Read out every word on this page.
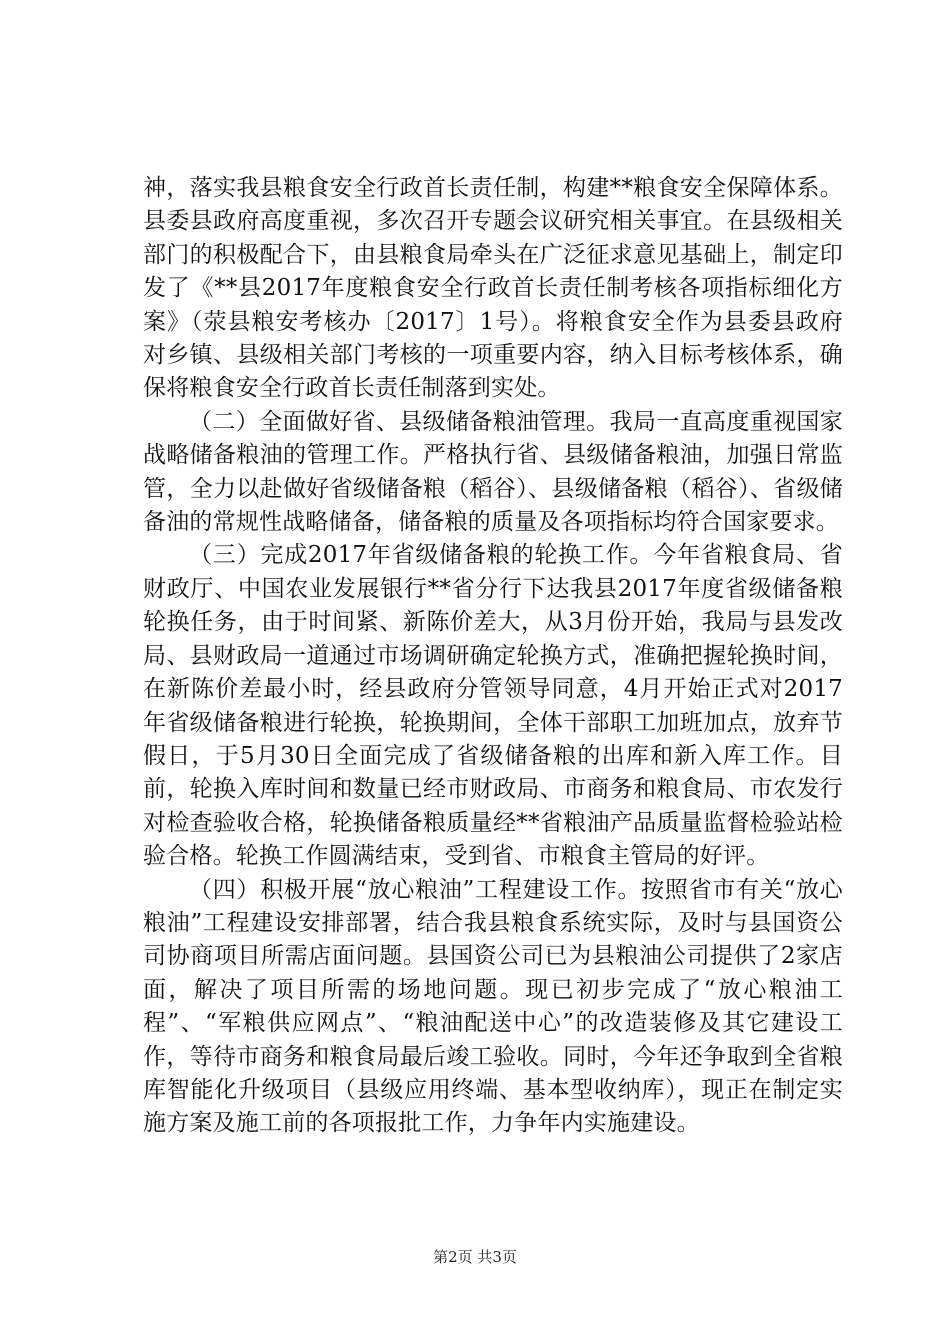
神，落实我县粮食安全行政首长责任制，构建**粮食安全保障体系。县委县政府高度重视，多次召开专题会议研究相关事宜。在县级相关部门的积极配合下，由县粮食局牵头在广泛征求意见基础上，制定印发了《**县2017年度粮食安全行政首长责任制考核各项指标细化方案》（荥县粮安考核办〔2017〕1号）。将粮食安全作为县委县政府对乡镇、县级相关部门考核的一项重要内容，纳入目标考核体系，确保将粮食安全行政首长责任制落到实处。

（二）全面做好省、县级储备粮油管理。我局一直高度重视国家战略储备粮油的管理工作。严格执行省、县级储备粮油，加强日常监管，全力以赴做好省级储备粮（稻谷）、县级储备粮（稻谷）、省级储备油的常规性战略储备，储备粮的质量及各项指标均符合国家要求。

（三）完成2017年省级储备粮的轮换工作。今年省粮食局、省财政厅、中国农业发展银行**省分行下达我县2017年度省级储备粮轮换任务，由于时间紧、新陈价差大，从3月份开始，我局与县发改局、县财政局一道通过市场调研确定轮换方式，准确把握轮换时间，在新陈价差最小时，经县政府分管领导同意，4月开始正式对2017年省级储备粮进行轮换，轮换期间，全体干部职工加班加点，放弃节假日，于5月30日全面完成了省级储备粮的出库和新入库工作。目前，轮换入库时间和数量已经市财政局、市商务和粮食局、市农发行对检查验收合格，轮换储备粮质量经**省粮油产品质量监督检验站检验合格。轮换工作圆满结束，受到省、市粮食主管局的好评。

（四）积极开展“放心粮油”工程建设工作。按照省市有关“放心粮油”工程建设安排部署，结合我县粮食系统实际，及时与县国资公司协商项目所需店面问题。县国资公司已为县粮油公司提供了2家店面，解决了项目所需的场地问题。现已初步完成了“放心粮油工程”、“军粮供应网点”、“粮油配送中心”的改造装修及其它建设工作，等待市商务和粮食局最后竣工验收。同时，今年还争取到全省粮库智能化升级项目（县级应用终端、基本型收纳库），现正在制定实施方案及施工前的各项报批工作，力争年内实施建设。

第2页 共3页
